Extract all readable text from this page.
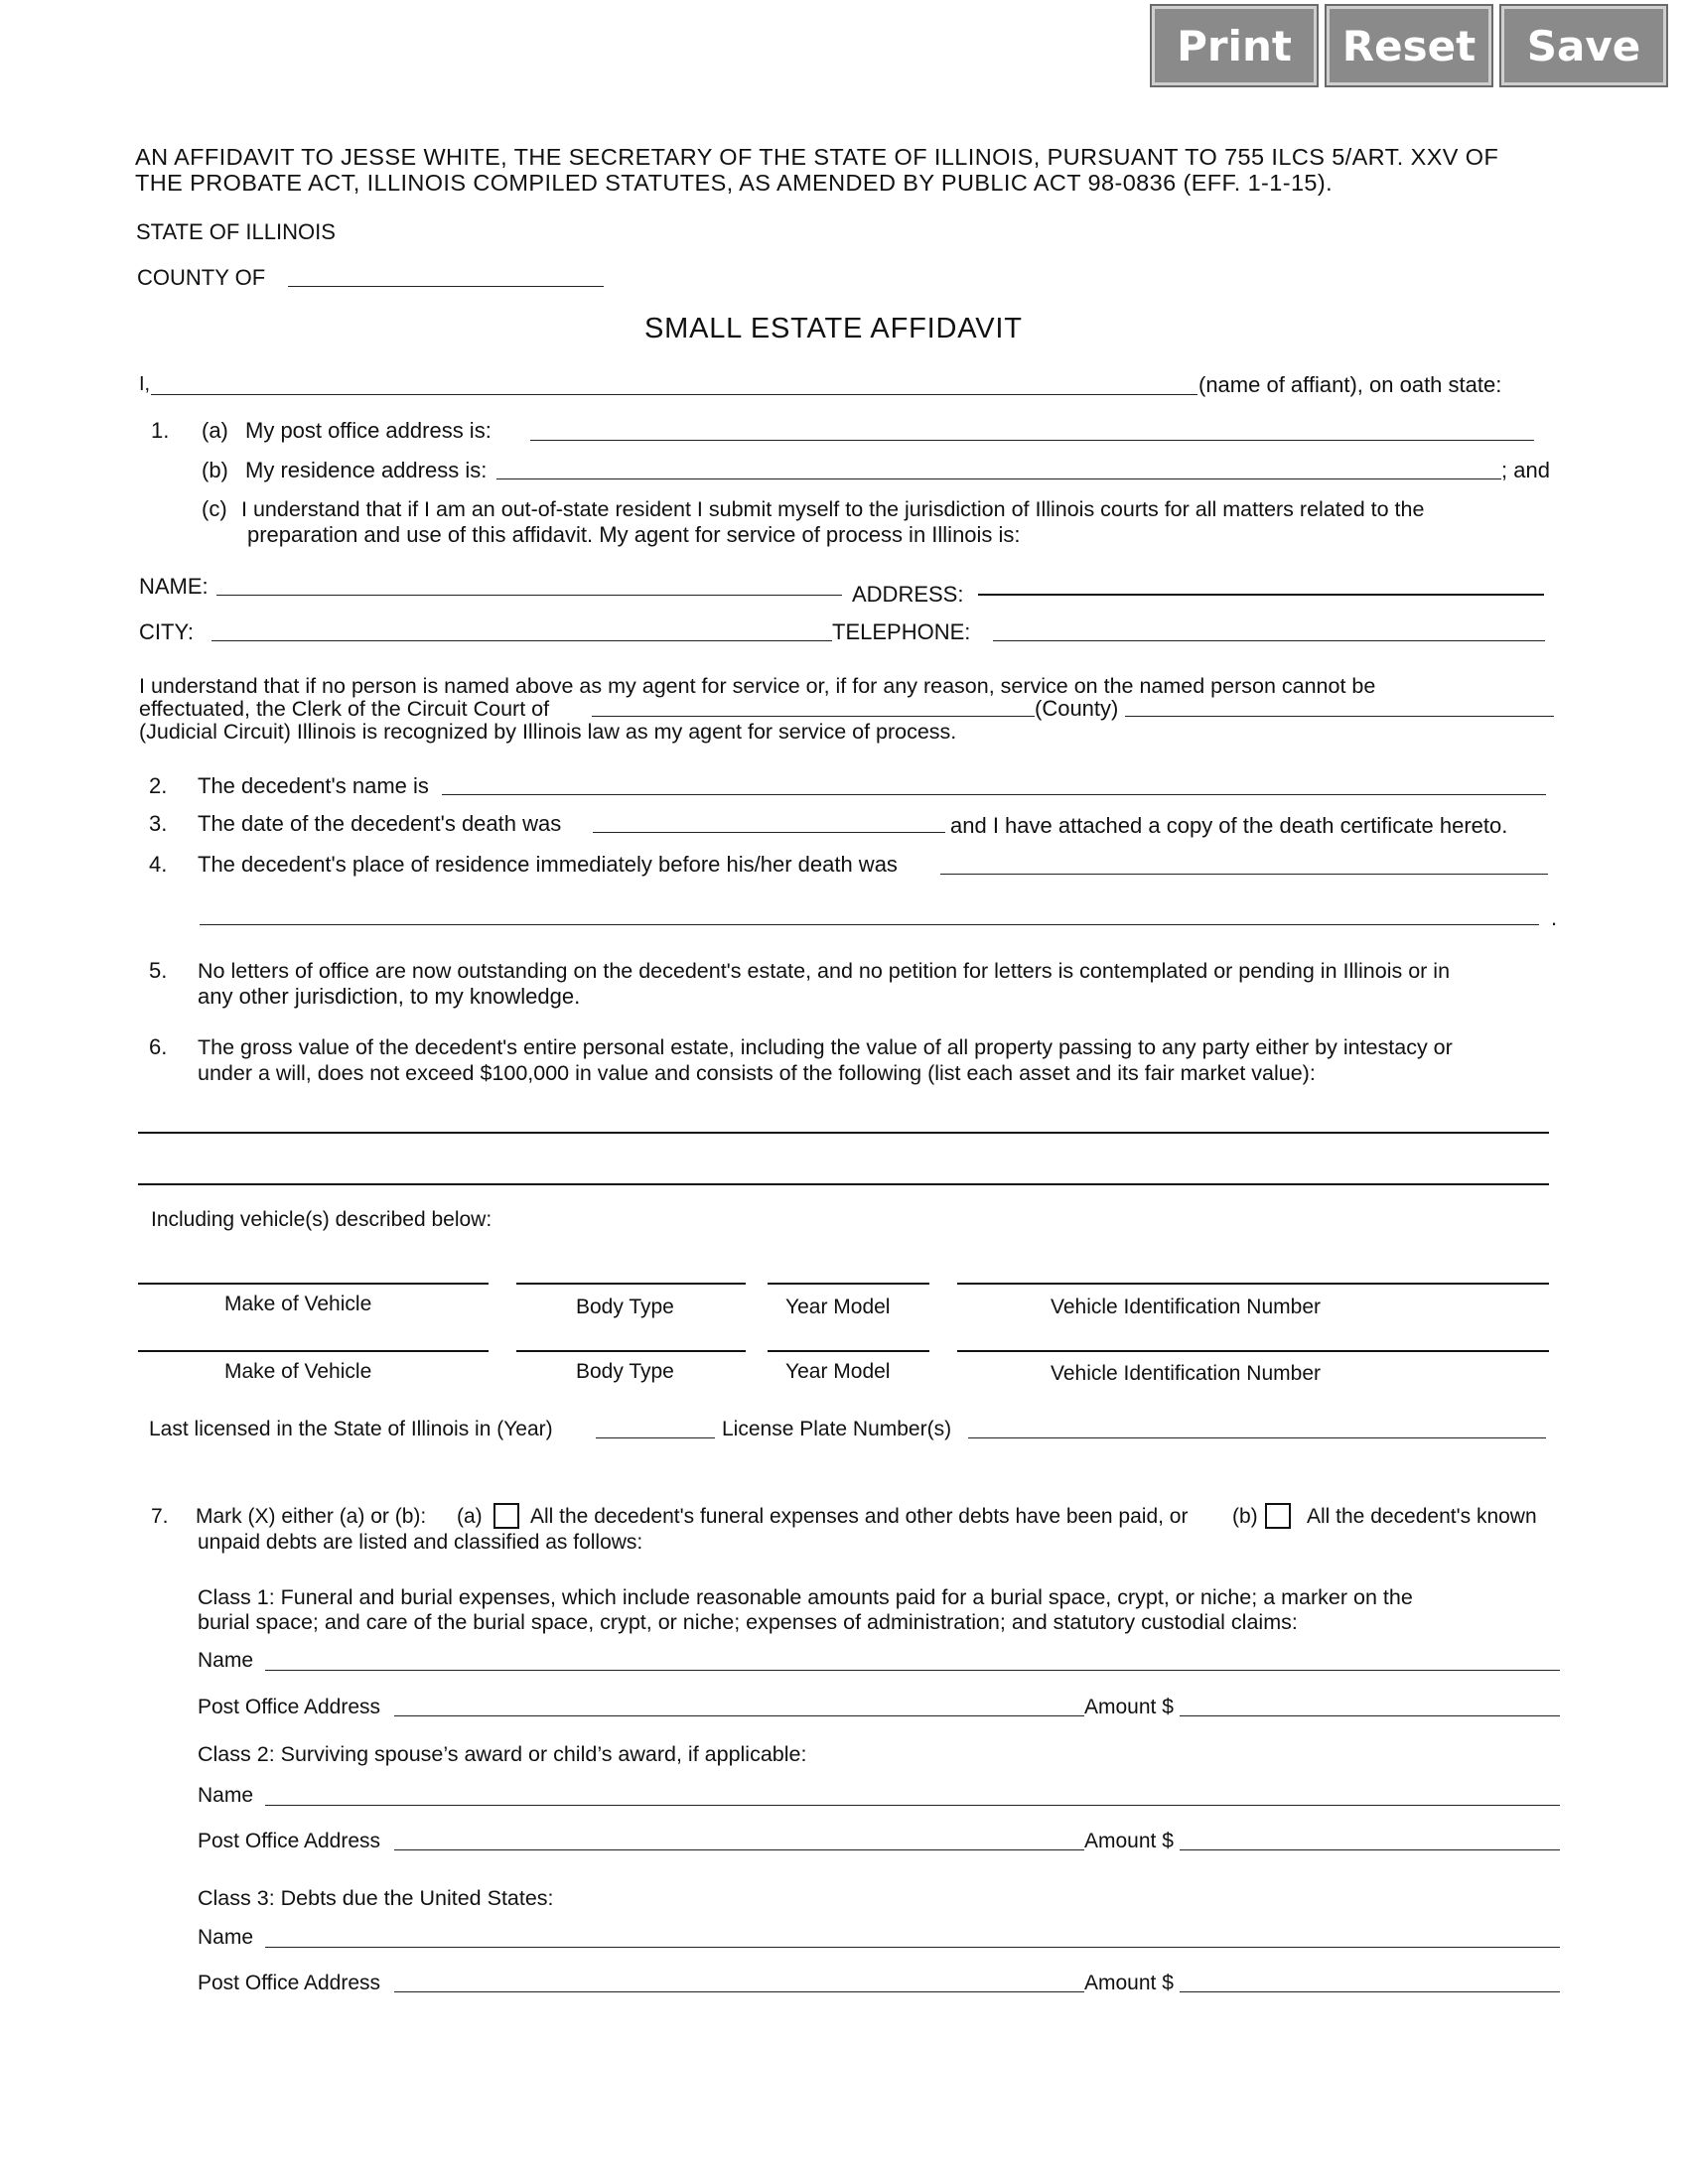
Print	Reset	Save
AN AFFIDAVIT TO JESSE WHITE, THE SECRETARY OF THE STATE OF ILLINOIS, PURSUANT TO 755 ILCS 5/ART. XXV OF
THE PROBATE ACT, ILLINOIS COMPILED STATUTES, AS AMENDED BY PUBLIC ACT 98-0836 (EFF. 1-1-15).
STATE OF ILLINOIS
COUNTY OF
SMALL ESTATE AFFIDAVIT
I,	(name of affiant), on oath state:
1. (a) My post office address is:
(b) My residence address is:	; and
(c) I understand that if I am an out-of-state resident I submit myself to the jurisdiction of Illinois courts for all matters related to the
preparation and use of this affidavit. My agent for service of process in Illinois is:
NAME:	ADDRESS:
CITY:	TELEPHONE:
I understand that if no person is named above as my agent for service or, if for any reason, service on the named person cannot be
effectuated, the Clerk of the Circuit Court of	(County)
(Judicial Circuit) Illinois is recognized by Illinois law as my agent for service of process.
2. The decedent's name is
3. The date of the decedent's death was	and I have attached a copy of the death certificate hereto.
4. The decedent's place of residence immediately before his/her death was
.
5. No letters of office are now outstanding on the decedent's estate, and no petition for letters is contemplated or pending in Illinois or in
any other jurisdiction, to my knowledge.
6. The gross value of the decedent's entire personal estate, including the value of all property passing to any party either by intestacy or
under a will, does not exceed $100,000 in value and consists of the following (list each asset and its fair market value):
Including vehicle(s) described below:
Make of Vehicle	Body Type	Year Model	Vehicle Identification Number
Make of Vehicle	Body Type	Year Model	Vehicle Identification Number
Last licensed in the State of Illinois in (Year)	License Plate Number(s)
7. Mark (X) either (a) or (b): (a) All the decedent's funeral expenses and other debts have been paid, or (b) All the decedent's known
unpaid debts are listed and classified as follows:
Class 1: Funeral and burial expenses, which include reasonable amounts paid for a burial space, crypt, or niche; a marker on the
burial space; and care of the burial space, crypt, or niche; expenses of administration; and statutory custodial claims:
Name
Post Office Address	Amount $
Class 2: Surviving spouse’s award or child’s award, if applicable:
Name
Post Office Address	Amount $
Class 3: Debts due the United States:
Name
Post Office Address	Amount $
